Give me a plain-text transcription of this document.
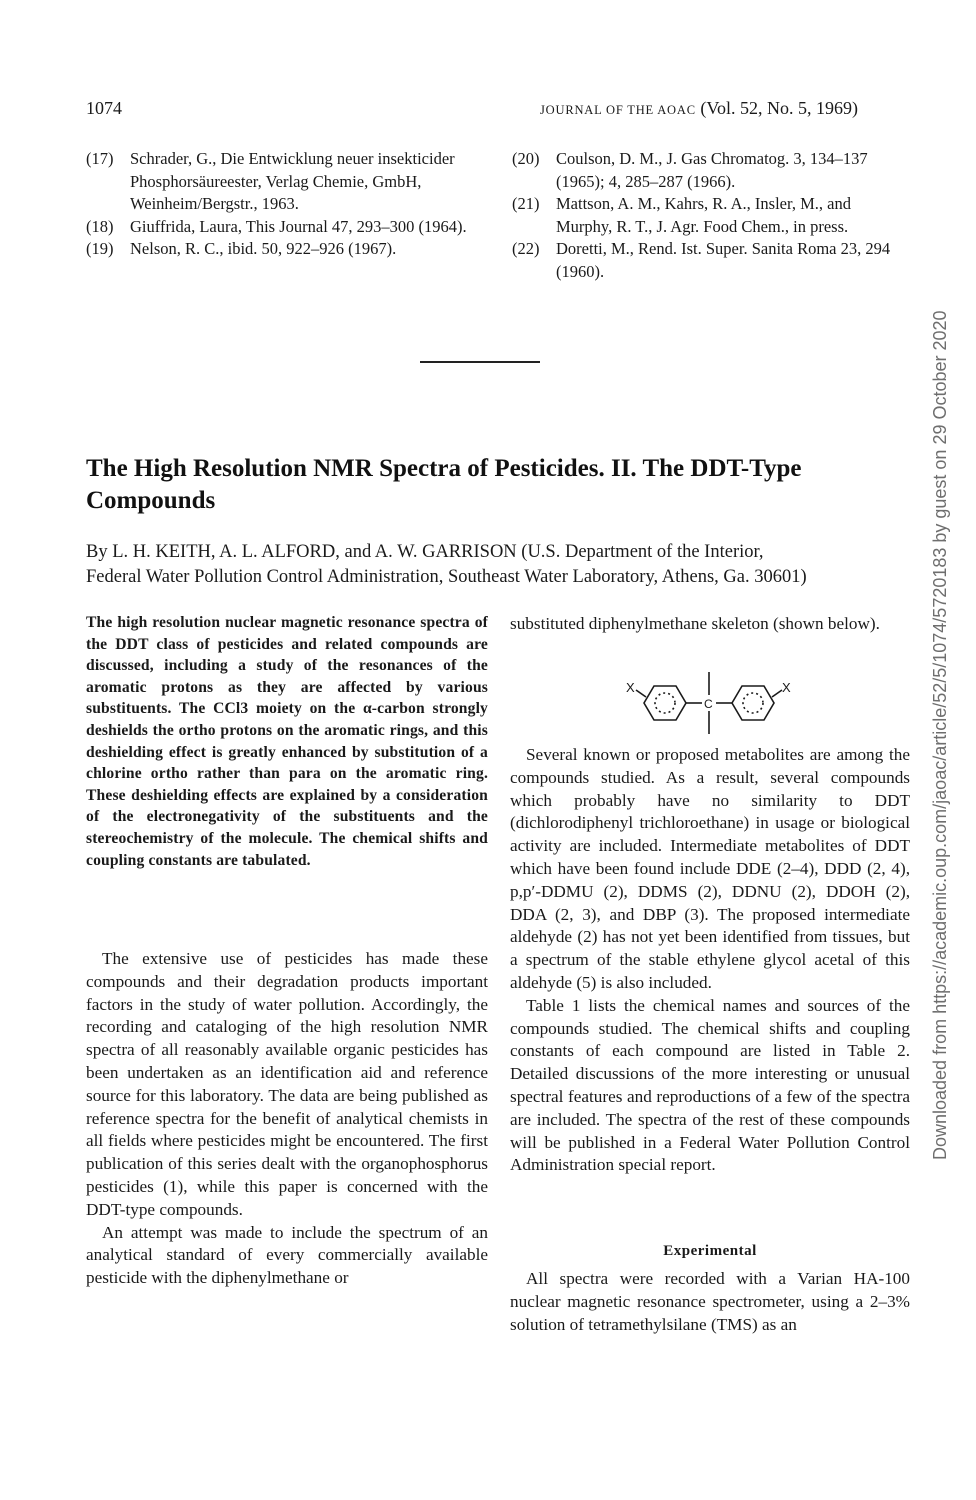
1074	JOURNAL OF THE AOAC (Vol. 52, No. 5, 1969)
(17) Schrader, G., Die Entwicklung neuer insekticider Phosphorsäureester, Verlag Chemie, GmbH, Weinheim/Bergstr., 1963.
(18) Giuffrida, Laura, This Journal 47, 293–300 (1964).
(19) Nelson, R. C., ibid. 50, 922–926 (1967).
(20) Coulson, D. M., J. Gas Chromatog. 3, 134–137 (1965); 4, 285–287 (1966).
(21) Mattson, A. M., Kahrs, R. A., Insler, M., and Murphy, R. T., J. Agr. Food Chem., in press.
(22) Doretti, M., Rend. Ist. Super. Sanita Roma 23, 294 (1960).
Downloaded from https://academic.oup.com/jaoac/article/52/5/1074/5720183 by guest on 29 October 2020
The High Resolution NMR Spectra of Pesticides. II. The DDT-Type Compounds
By L. H. KEITH, A. L. ALFORD, and A. W. GARRISON (U.S. Department of the Interior,
Federal Water Pollution Control Administration, Southeast Water Laboratory, Athens, Ga. 30601)
The high resolution nuclear magnetic resonance spectra of the DDT class of pesticides and related compounds are discussed, including a study of the resonances of the aromatic protons as they are affected by various substituents. The CCl3 moiety on the α-carbon strongly deshields the ortho protons on the aromatic rings, and this deshielding effect is greatly enhanced by substitution of a chlorine ortho rather than para on the aromatic ring. These deshielding effects are explained by a consideration of the electronegativity of the substituents and the stereochemistry of the molecule. The chemical shifts and coupling constants are tabulated.

The extensive use of pesticides has made these compounds and their degradation products important factors in the study of water pollution. Accordingly, the recording and cataloging of the high resolution NMR spectra of all reasonably available organic pesticides has been undertaken as an identification aid and reference source for this laboratory. The data are being published as reference spectra for the benefit of analytical chemists in all fields where pesticides might be encountered. The first publication of this series dealt with the organophosphorus pesticides (1), while this paper is concerned with the DDT-type compounds.

An attempt was made to include the spectrum of an analytical standard of every commercially available pesticide with the diphenylmethane or

substituted diphenylmethane skeleton (shown below).

X
C
X

Several known or proposed metabolites are among the compounds studied. As a result, several compounds which probably have no similarity to DDT (dichlorodiphenyl trichloroethane) in usage or biological activity are included. Intermediate metabolites of DDT which have been found include DDE (2–4), DDD (2, 4), p,p′-DDMU (2), DDMS (2), DDNU (2), DDOH (2), DDA (2, 3), and DBP (3). The proposed intermediate aldehyde (2) has not yet been identified from tissues, but a spectrum of the stable ethylene glycol acetal of this aldehyde (5) is also included.

Table 1 lists the chemical names and sources of the compounds studied. The chemical shifts and coupling constants of each compound are listed in Table 2. Detailed discussions of the more interesting or unusual spectral features and reproductions of a few of the spectra are included. The spectra of the rest of these compounds will be published in a Federal Water Pollution Control Administration special report.

Experimental

All spectra were recorded with a Varian HA-100 nuclear magnetic resonance spectrometer, using a 2–3% solution of tetramethylsilane (TMS) as an
